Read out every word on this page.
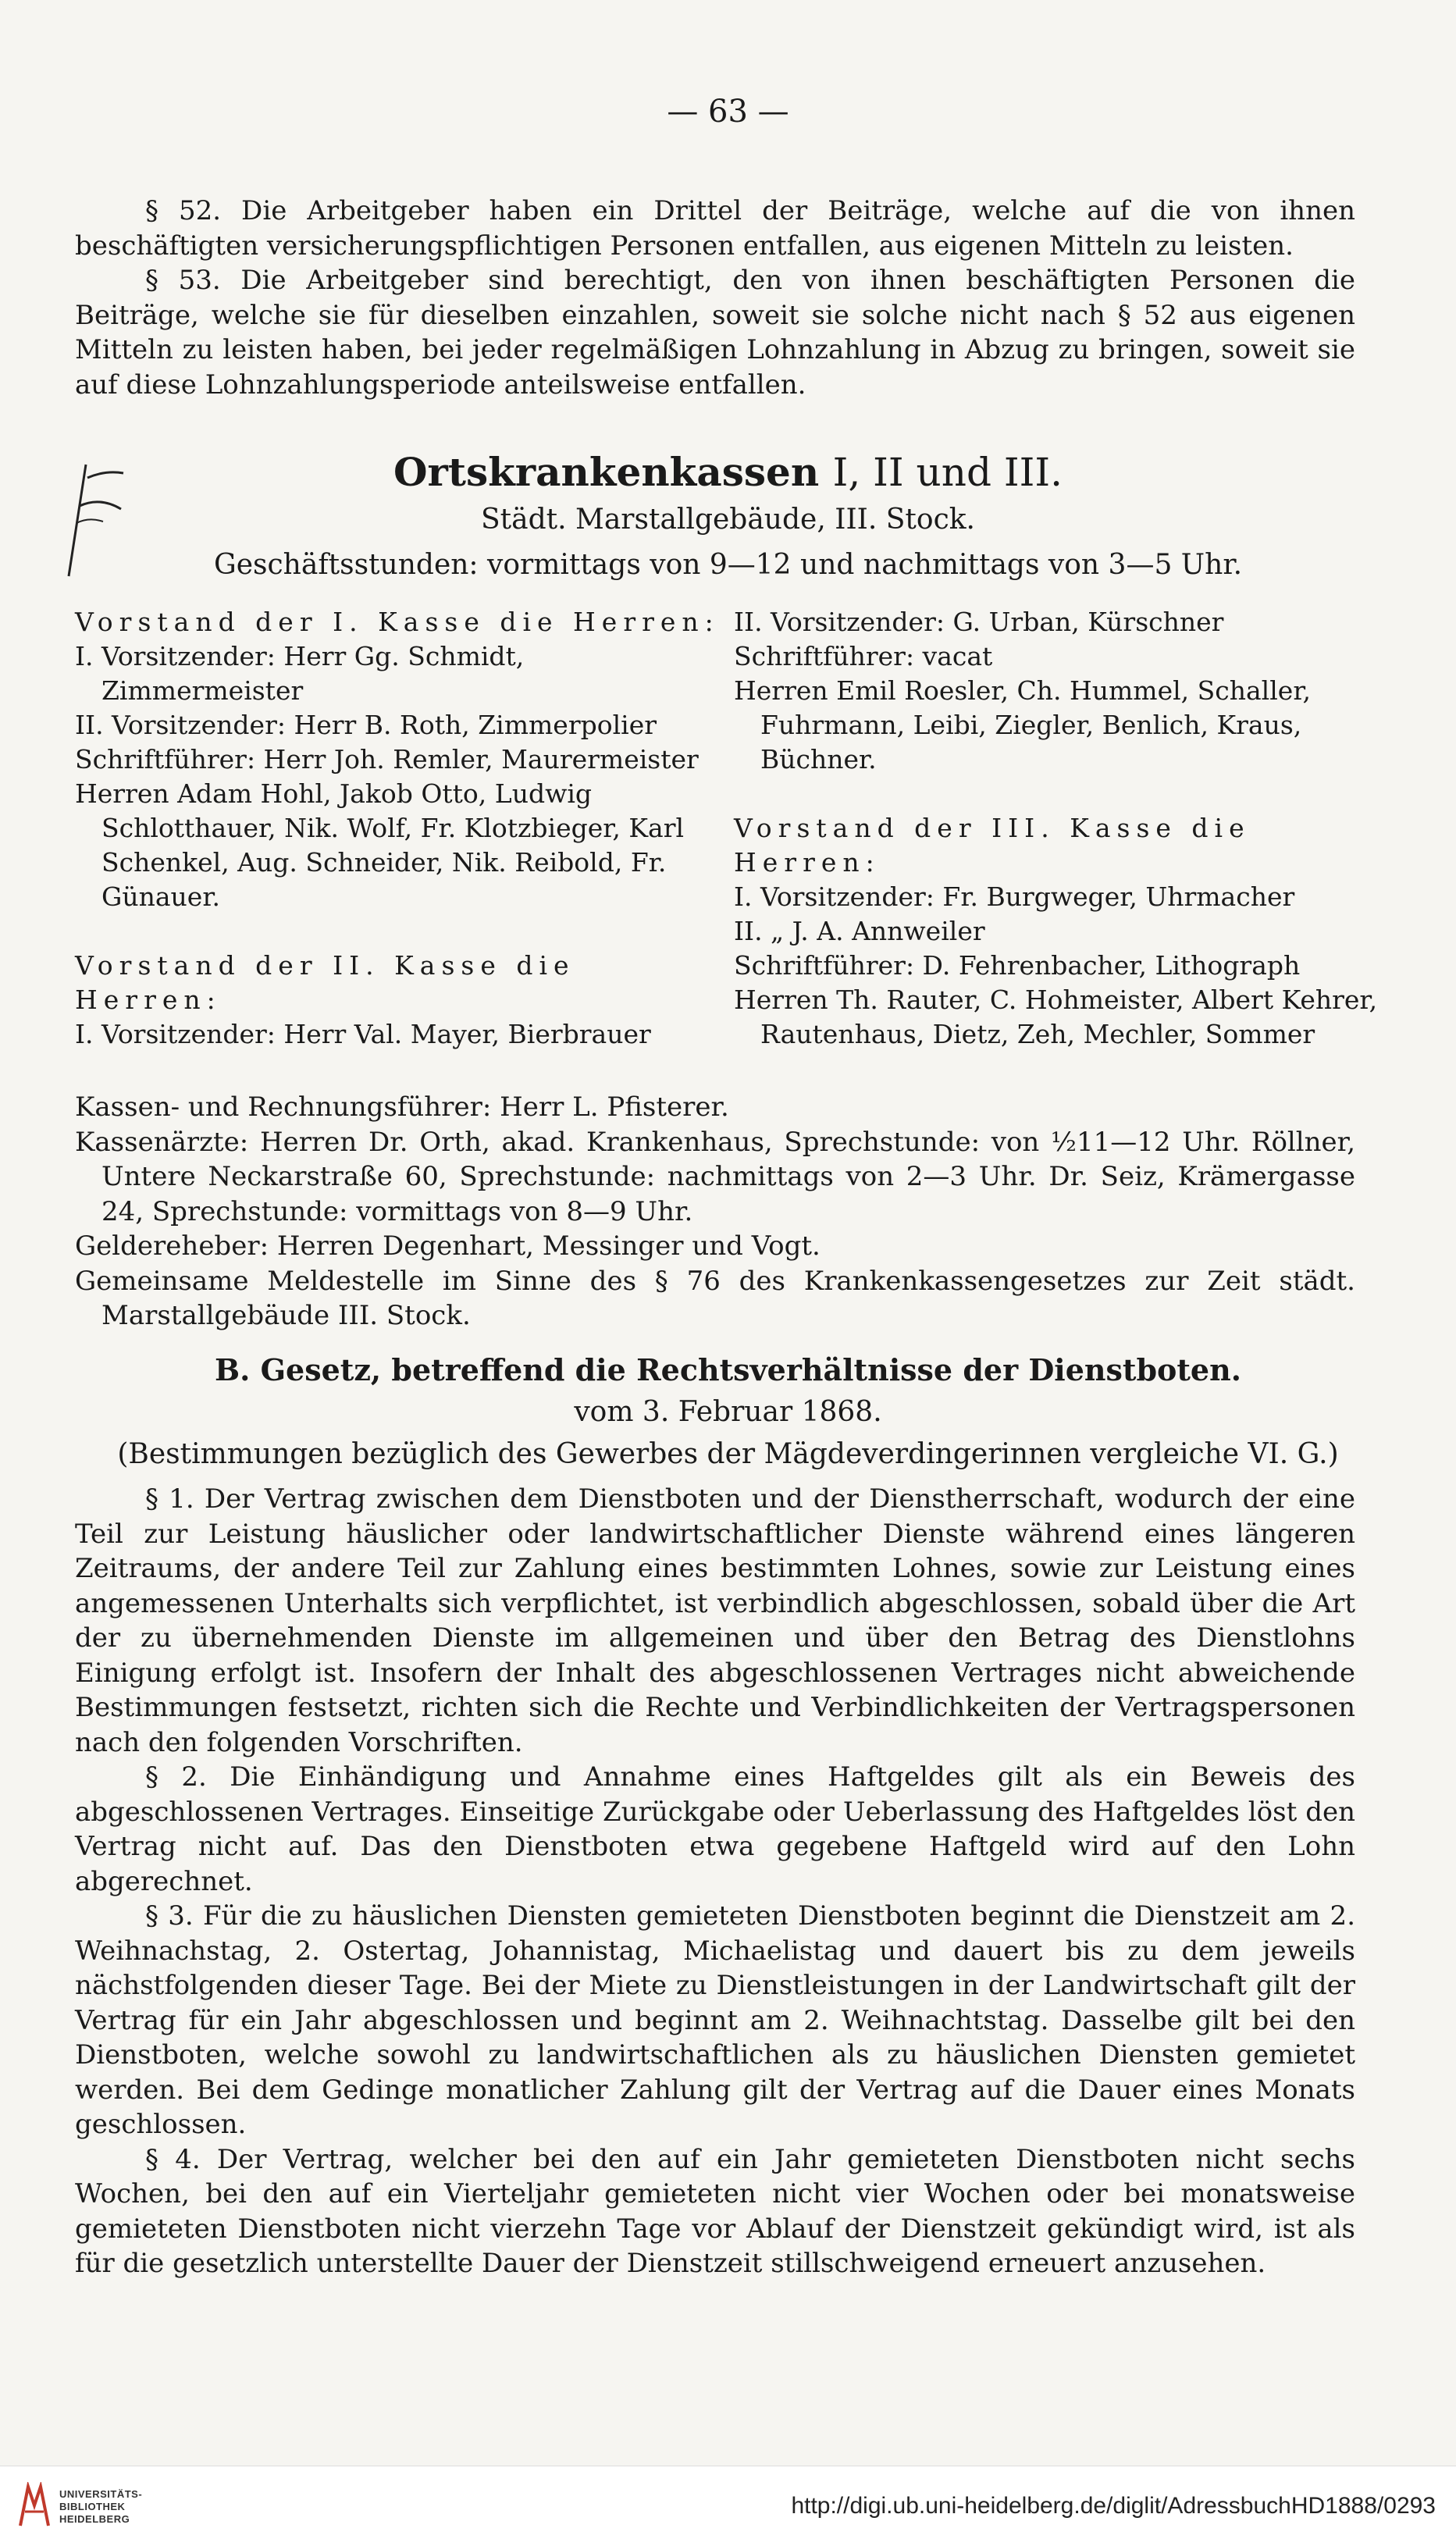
— 63 —

§ 52. Die Arbeitgeber haben ein Drittel der Beiträge, welche auf die von ihnen beschäftigten versicherungspflichtigen Personen entfallen, aus eigenen Mitteln zu leisten.

§ 53. Die Arbeitgeber sind berechtigt, den von ihnen beschäftigten Personen die Beiträge, welche sie für dieselben einzahlen, soweit sie solche nicht nach § 52 aus eigenen Mitteln zu leisten haben, bei jeder regelmäßigen Lohnzahlung in Abzug zu bringen, soweit sie auf diese Lohnzahlungsperiode anteilsweise entfallen.

Ortskrankenkassen I, II und III.
Städt. Marstallgebäude, III. Stock.
Geschäftsstunden: vormittags von 9—12 und nachmittags von 3—5 Uhr.

Vorstand der I. Kasse die Herren:

I. Vorsitzender: Herr Gg. Schmidt, Zimmermeister

II. Vorsitzender: Herr B. Roth, Zimmerpolier

Schriftführer: Herr Joh. Remler, Maurermeister

Herren Adam Hohl, Jakob Otto, Ludwig Schlotthauer, Nik. Wolf, Fr. Klotzbieger, Karl Schenkel, Aug. Schneider, Nik. Reibold, Fr. Günauer.

Vorstand der II. Kasse die Herren:

I. Vorsitzender: Herr Val. Mayer, Bierbrauer

II. Vorsitzender: G. Urban, Kürschner

Schriftführer: vacat

Herren Emil Roesler, Ch. Hummel, Schaller, Fuhrmann, Leibi, Ziegler, Benlich, Kraus, Büchner.

Vorstand der III. Kasse die Herren:

I. Vorsitzender: Fr. Burgweger, Uhrmacher

II. „ J. A. Annweiler

Schriftführer: D. Fehrenbacher, Lithograph

Herren Th. Rauter, C. Hohmeister, Albert Kehrer, Rautenhaus, Dietz, Zeh, Mechler, Sommer

Kassen- und Rechnungsführer: Herr L. Pfisterer.

Kassenärzte: Herren Dr. Orth, akad. Krankenhaus, Sprechstunde: von ½11—12 Uhr. Röllner, Untere Neckarstraße 60, Sprechstunde: nachmittags von 2—3 Uhr. Dr. Seiz, Krämergasse 24, Sprechstunde: vormittags von 8—9 Uhr.

Geldereheber: Herren Degenhart, Messinger und Vogt.

Gemeinsame Meldestelle im Sinne des § 76 des Krankenkassengesetzes zur Zeit städt. Marstallgebäude III. Stock.

B. Gesetz, betreffend die Rechtsverhältnisse der Dienstboten.
vom 3. Februar 1868.
(Bestimmungen bezüglich des Gewerbes der Mägdeverdingerinnen vergleiche VI. G.)

§ 1. Der Vertrag zwischen dem Dienstboten und der Dienstherrschaft, wodurch der eine Teil zur Leistung häuslicher oder landwirtschaftlicher Dienste während eines längeren Zeitraums, der andere Teil zur Zahlung eines bestimmten Lohnes, sowie zur Leistung eines angemessenen Unterhalts sich verpflichtet, ist verbindlich abgeschlossen, sobald über die Art der zu übernehmenden Dienste im allgemeinen und über den Betrag des Dienstlohns Einigung erfolgt ist. Insofern der Inhalt des abgeschlossenen Vertrages nicht abweichende Bestimmungen festsetzt, richten sich die Rechte und Verbindlichkeiten der Vertragspersonen nach den folgenden Vorschriften.

§ 2. Die Einhändigung und Annahme eines Haftgeldes gilt als ein Beweis des abgeschlossenen Vertrages. Einseitige Zurückgabe oder Ueberlassung des Haftgeldes löst den Vertrag nicht auf. Das den Dienstboten etwa gegebene Haftgeld wird auf den Lohn abgerechnet.

§ 3. Für die zu häuslichen Diensten gemieteten Dienstboten beginnt die Dienstzeit am 2. Weihnachstag, 2. Ostertag, Johannistag, Michaelistag und dauert bis zu dem jeweils nächstfolgenden dieser Tage. Bei der Miete zu Dienstleistungen in der Landwirtschaft gilt der Vertrag für ein Jahr abgeschlossen und beginnt am 2. Weihnachtstag. Dasselbe gilt bei den Dienstboten, welche sowohl zu landwirtschaftlichen als zu häuslichen Diensten gemietet werden. Bei dem Gedinge monatlicher Zahlung gilt der Vertrag auf die Dauer eines Monats geschlossen.

§ 4. Der Vertrag, welcher bei den auf ein Jahr gemieteten Dienstboten nicht sechs Wochen, bei den auf ein Vierteljahr gemieteten nicht vier Wochen oder bei monatsweise gemieteten Dienstboten nicht vierzehn Tage vor Ablauf der Dienstzeit gekündigt wird, ist als für die gesetzlich unterstellte Dauer der Dienstzeit stillschweigend erneuert anzusehen.

UNIVERSITÄTS-
BIBLIOTHEK
HEIDELBERG
http://digi.ub.uni-heidelberg.de/diglit/AdressbuchHD1888/0293
